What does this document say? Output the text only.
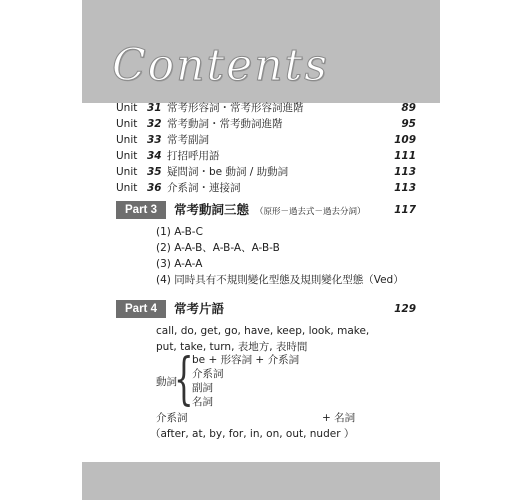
Contents
Unit 31 常考形容詞・常考形容詞進階	89
Unit 32 常考動詞・常考動詞進階	95
Unit 33 常考副詞	109
Unit 34 打招呼用語	111
Unit 35 疑問詞・be 動詞 / 助動詞	113
Unit 36 介系詞・連接詞	113
Part 3	常考動詞三態 （原形－過去式－過去分詞）	117
(1) A-B-C
(2) A-A-B、A-B-A、A-B-B
(3) A-A-A
(4) 同時具有不規則變化型態及規則變化型態（Ved）
Part 4	常考片語	129
call, do, get, go, have, keep, look, make,
put, take, turn, 表地方, 表時間
動詞
{
be + 形容詞 + 介系詞
介系詞
副詞
名詞
介系詞	+ 名詞
（after, at, by, for, in, on, out, nuder ）
